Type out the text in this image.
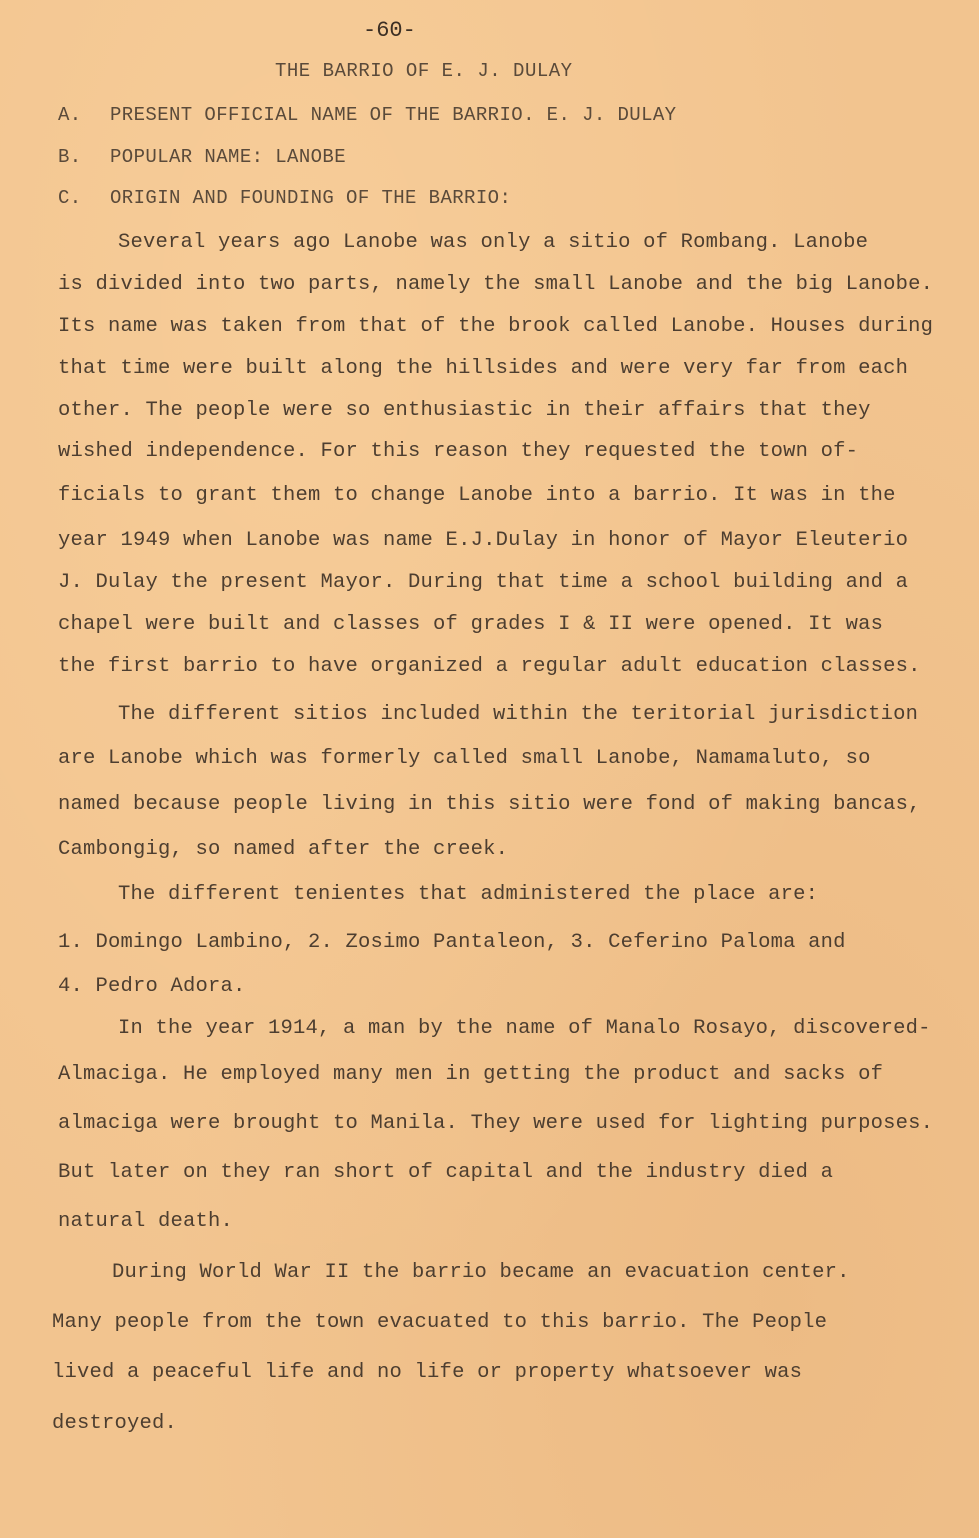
-60-
THE BARRIO OF E. J. DULAY
A. PRESENT OFFICIAL NAME OF THE BARRIO. E. J. DULAY
B. POPULAR NAME: LANOBE
C. ORIGIN AND FOUNDING OF THE BARRIO:
Several years ago Lanobe was only a sitio of Rombang. Lanobe
is divided into two parts, namely the small Lanobe and the big Lanobe.
Its name was taken from that of the brook called Lanobe. Houses during
that time were built along the hillsides and were very far from each
other. The people were so enthusiastic in their affairs that they
wished independence. For this reason they requested the town of-
ficials to grant them to change Lanobe into a barrio. It was in the
year 1949 when Lanobe was name E.J.Dulay in honor of Mayor Eleuterio
J. Dulay the present Mayor. During that time a school building and a
chapel were built and classes of grades I & II were opened. It was
the first barrio to have organized a regular adult education classes.
The different sitios included within the teritorial jurisdiction
are Lanobe which was formerly called small Lanobe, Namamaluto, so
named because people living in this sitio were fond of making bancas,
Cambongig, so named after the creek.
The different tenientes that administered the place are:
1. Domingo Lambino, 2. Zosimo Pantaleon, 3. Ceferino Paloma and
4. Pedro Adora.
In the year 1914, a man by the name of Manalo Rosayo, discovered-
Almaciga. He employed many men in getting the product and sacks of
almaciga were brought to Manila. They were used for lighting purposes.
But later on they ran short of capital and the industry died a
natural death.
During World War II the barrio became an evacuation center.
Many people from the town evacuated to this barrio. The People
lived a peaceful life and no life or property whatsoever was
destroyed.
